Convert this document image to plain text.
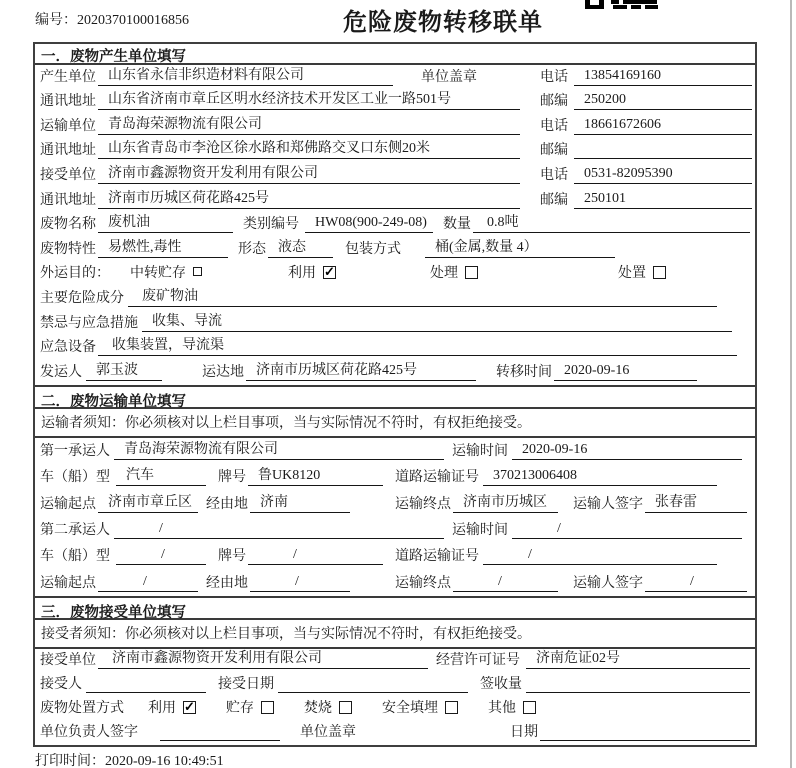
编号：2020370100016856	危险废物转移联单
一．废物产生单位填写
产生单位 山东省永信非织造材料有限公司	单位盖章	电话	13854169160
通讯地址 山东省济南市章丘区明水经济技术开发区工业一路501号	邮编	250200
运输单位 青岛海荣源物流有限公司	电话	18661672606
通讯地址 山东省青岛市李沧区徐水路和郑佛路交叉口东侧20米	邮编
接受单位 济南市鑫源物资开发利用有限公司	电话	0531-82095390
通讯地址 济南市历城区荷花路425号	邮编	250101
废物名称 废机油	类别编号	HW08(900-249-08)	数量	0.8吨
废物特性 易燃性,毒性	形态 液态	包装方式	桶(金属,数量 4）
外运目的：	中转贮存	利用 ✓	处理	处置
主要危险成分	废矿物油
禁忌与应急措施	收集、导流
应急设备	收集装置，导流渠
发运人	郭玉波	运达地 济南市历城区荷花路425号	转移时间 2020-09-16
二．废物运输单位填写
运输者须知：你必须核对以上栏目事项，当与实际情况不符时，有权拒绝接受。
第一承运人	青岛海荣源物流有限公司	运输时间	2020-09-16
车（船）型	汽车	牌号 鲁UK8120	道路运输证号	370213006408
运输起点 济南市章丘区	经由地 济南	运输终点 济南市历城区	运输人签字 张春雷
第二承运人	/	运输时间	/
车（船）型	/	牌号	/	道路运输证号	/
运输起点	/	经由地	/	运输终点	/	运输人签字	/
三．废物接受单位填写
接受者须知：你必须核对以上栏目事项，当与实际情况不符时，有权拒绝接受。
接受单位	济南市鑫源物资开发利用有限公司	经营许可证号	济南危证02号
接受人	接受日期	签收量
废物处置方式 利用 ✓	贮存	焚烧	安全填埋	其他
单位负责人签字	单位盖章	日期
打印时间：2020-09-16 10:49:51
